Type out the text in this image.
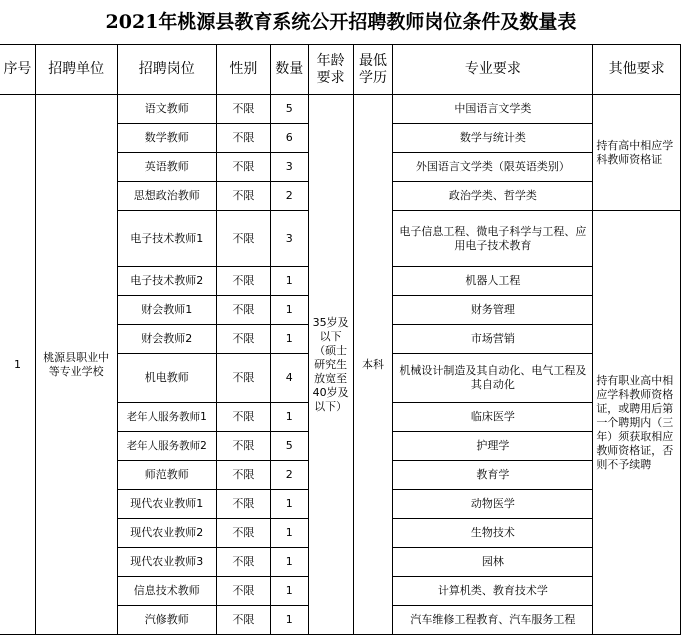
2021年桃源县教育系统公开招聘教师岗位条件及数量表
序号	招聘单位	招聘岗位	性别	数量	年龄要求	最低学历	专业要求	其他要求
1	桃源县职业中等专业学校	语文教师	不限	5	35岁及以下（硕士研究生放宽至40岁及以下）	本科	中国语言文学类	持有高中相应学科教师资格证
		数学教师	不限	6			数学与统计类	
		英语教师	不限	3			外国语言文学类（限英语类别）	
		思想政治教师	不限	2			政治学类、哲学类	
		电子技术教师1	不限	3			电子信息工程、微电子科学与工程、应用电子技术教育	持有职业高中相应学科教师资格证，或聘用后第一个聘期内（三年）须获取相应教师资格证，否则不予续聘
		电子技术教师2	不限	1			机器人工程	
		财会教师1	不限	1			财务管理	
		财会教师2	不限	1			市场营销	
		机电教师	不限	4			机械设计制造及其自动化、电气工程及其自动化	
		老年人服务教师1	不限	1			临床医学	
		老年人服务教师2	不限	5			护理学	
		师范教师	不限	2			教育学	
		现代农业教师1	不限	1			动物医学	
		现代农业教师2	不限	1			生物技术	
		现代农业教师3	不限	1			园林	
		信息技术教师	不限	1			计算机类、教育技术学	
		汽修教师	不限	1			汽车维修工程教育、汽车服务工程	
